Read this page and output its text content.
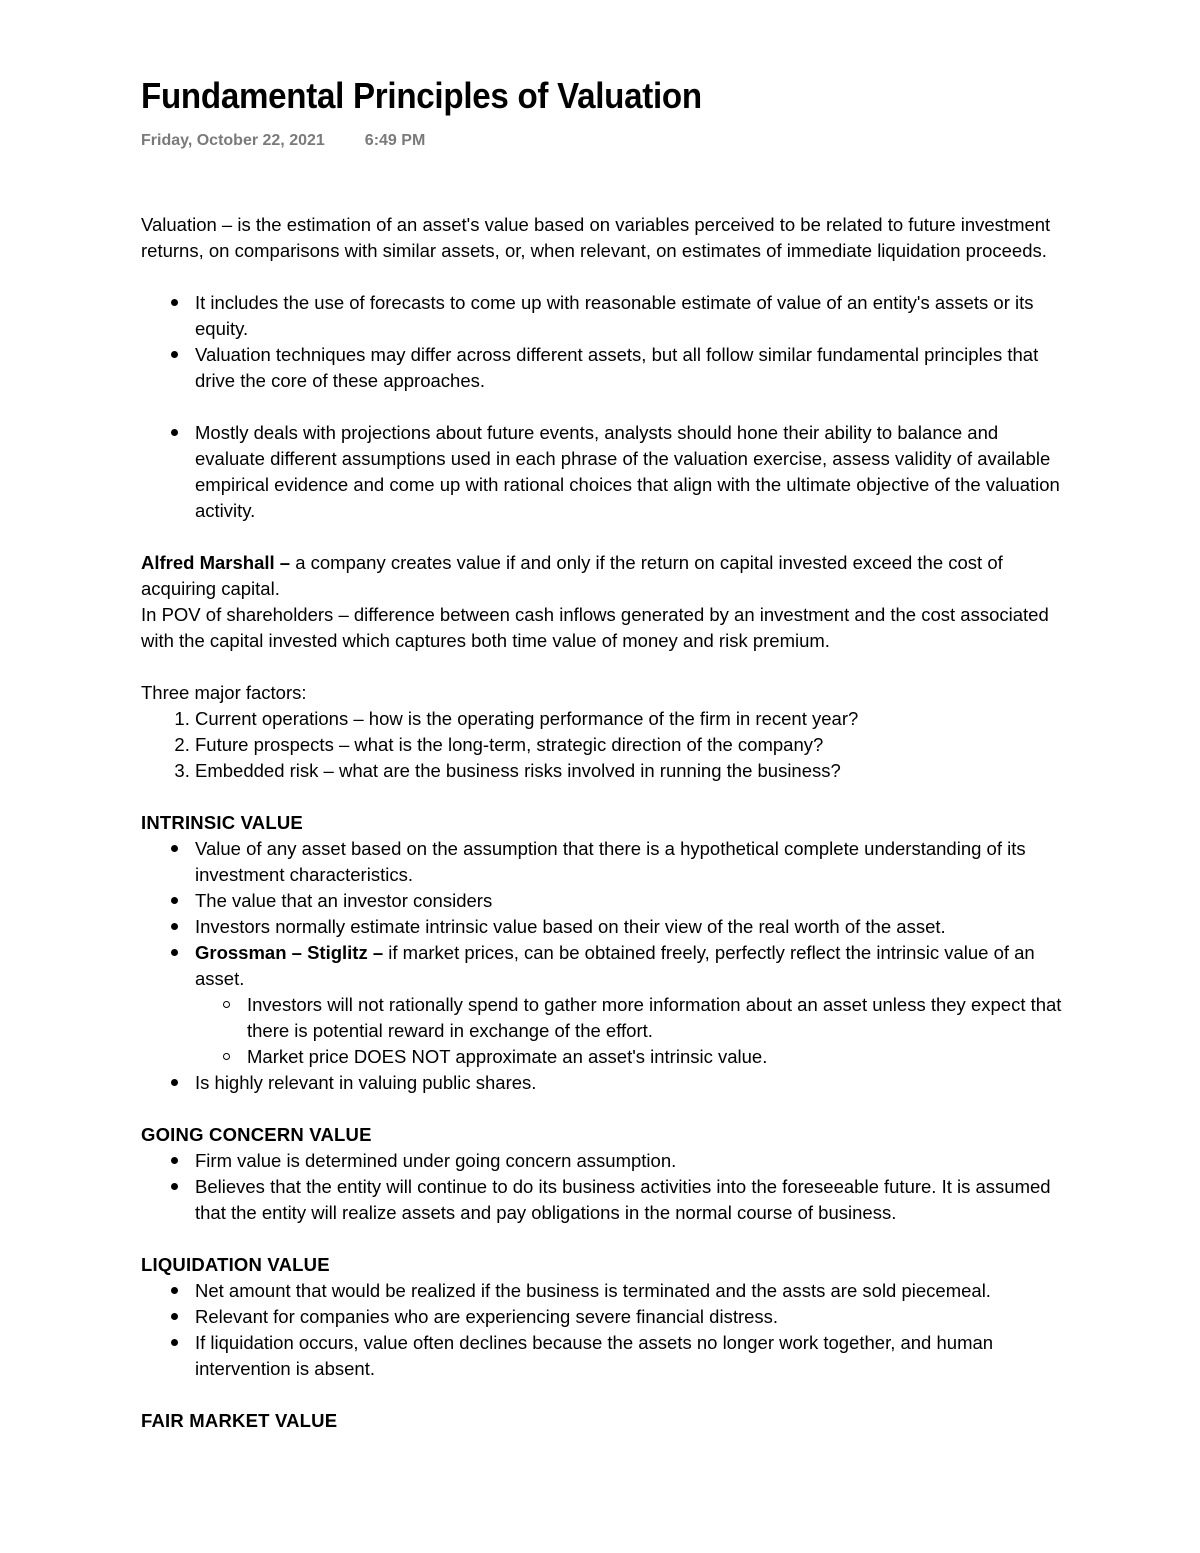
Fundamental Principles of Valuation
Friday, October 22, 2021	6:49 PM

Valuation – is the estimation of an asset's value based on variables perceived to be related to future investment returns, on comparisons with similar assets, or, when relevant, on estimates of immediate liquidation proceeds.

It includes the use of forecasts to come up with reasonable estimate of value of an entity's assets or its equity.
Valuation techniques may differ across different assets, but all follow similar fundamental principles that drive the core of these approaches.
Mostly deals with projections about future events, analysts should hone their ability to balance and evaluate different assumptions used in each phrase of the valuation exercise, assess validity of available empirical evidence and come up with rational choices that align with the ultimate objective of the valuation activity.

Alfred Marshall – a company creates value if and only if the return on capital invested exceed the cost of acquiring capital.

In POV of shareholders – difference between cash inflows generated by an investment and the cost associated with the capital invested which captures both time value of money and risk premium.

Three major factors:

1. Current operations – how is the operating performance of the firm in recent year?
2. Future prospects – what is the long-term, strategic direction of the company?
3. Embedded risk – what are the business risks involved in running the business?

INTRINSIC VALUE

Value of any asset based on the assumption that there is a hypothetical complete understanding of its investment characteristics.
The value that an investor considers
Investors normally estimate intrinsic value based on their view of the real worth of the asset.
Grossman – Stiglitz – if market prices, can be obtained freely, perfectly reflect the intrinsic value of an asset.
Investors will not rationally spend to gather more information about an asset unless they expect that there is potential reward in exchange of the effort.
Market price DOES NOT approximate an asset's intrinsic value.
Is highly relevant in valuing public shares.

GOING CONCERN VALUE

Firm value is determined under going concern assumption.
Believes that the entity will continue to do its business activities into the foreseeable future. It is assumed that the entity will realize assets and pay obligations in the normal course of business.

LIQUIDATION VALUE

Net amount that would be realized if the business is terminated and the assts are sold piecemeal.
Relevant for companies who are experiencing severe financial distress.
If liquidation occurs, value often declines because the assets no longer work together, and human intervention is absent.

FAIR MARKET VALUE
